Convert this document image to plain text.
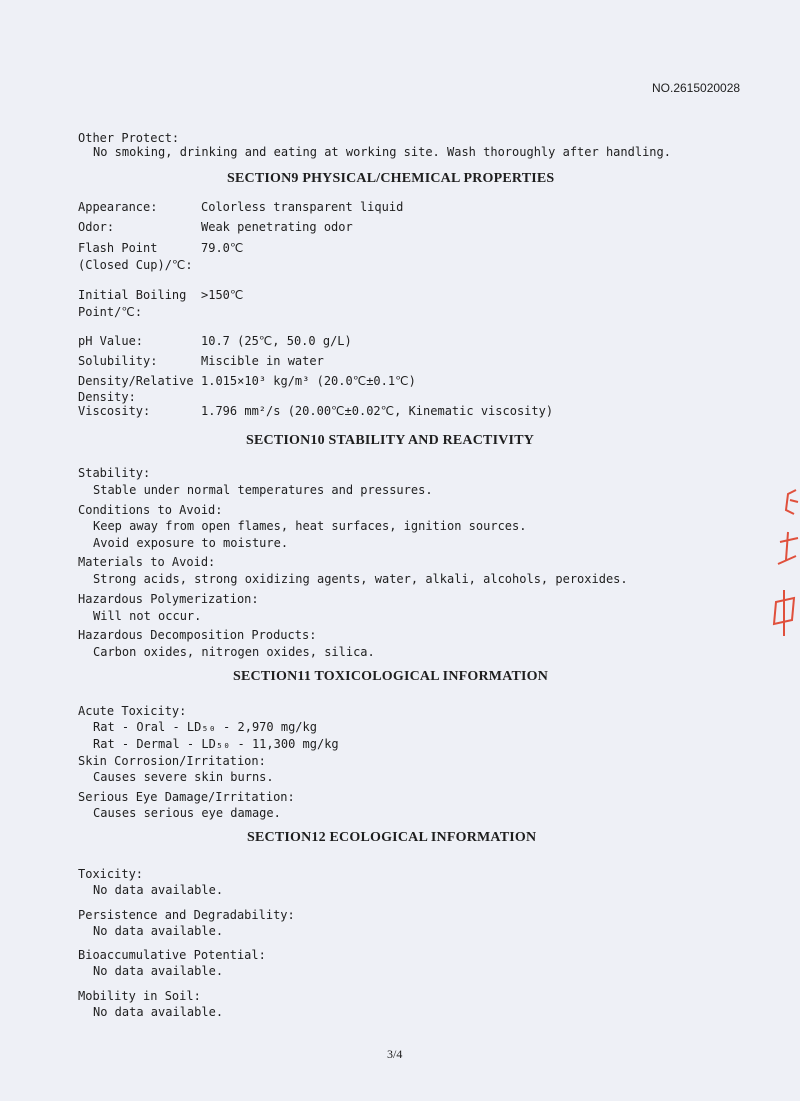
NO.2615020028
Other Protect:
No smoking, drinking and eating at working site. Wash thoroughly after handling.
SECTION9 PHYSICAL/CHEMICAL PROPERTIES
Appearance:	Colorless transparent liquid
Odor:	Weak penetrating odor
Flash Point
(Closed Cup)/℃:
79.0℃
Initial Boiling
Point/℃:
>150℃
pH Value:	10.7 (25℃, 50.0 g/L)
Solubility:	Miscible in water
Density/Relative
Density:
1.015×10³ kg/m³ (20.0℃±0.1℃)
Viscosity:	1.796 mm²/s (20.00℃±0.02℃, Kinematic viscosity)
SECTION10 STABILITY AND REACTIVITY
Stability:
Stable under normal temperatures and pressures.
Conditions to Avoid:
Keep away from open flames, heat surfaces, ignition sources.
Avoid exposure to moisture.
Materials to Avoid:
Strong acids, strong oxidizing agents, water, alkali, alcohols, peroxides.
Hazardous Polymerization:
Will not occur.
Hazardous Decomposition Products:
Carbon oxides, nitrogen oxides, silica.
SECTION11 TOXICOLOGICAL INFORMATION
Acute Toxicity:
Rat - Oral - LD₅₀ - 2,970 mg/kg
Rat - Dermal - LD₅₀ - 11,300 mg/kg
Skin Corrosion/Irritation:
Causes severe skin burns.
Serious Eye Damage/Irritation:
Causes serious eye damage.
SECTION12 ECOLOGICAL INFORMATION
Toxicity:
No data available.
Persistence and Degradability:
No data available.
Bioaccumulative Potential:
No data available.
Mobility in Soil:
No data available.
3/4
